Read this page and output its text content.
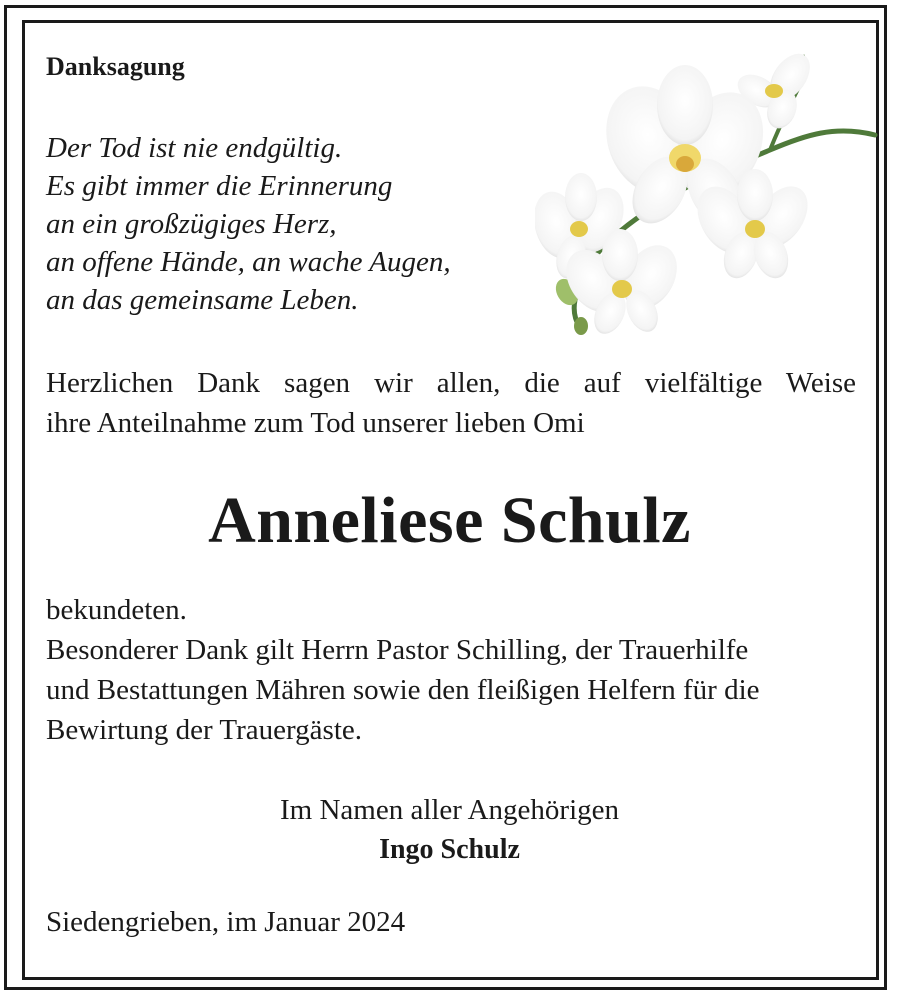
Danksagung
Der Tod ist nie endgültig.
Es gibt immer die Erinnerung
an ein großzügiges Herz,
an offene Hände, an wache Augen,
an das gemeinsame Leben.
Herzlichen Dank sagen wir allen, die auf vielfältige Weise
ihre Anteilnahme zum Tod unserer lieben Omi
Anneliese Schulz
bekundeten.
Besonderer Dank gilt Herrn Pastor Schilling, der Trauerhilfe
und Bestattungen Mähren sowie den fleißigen Helfern für die
Bewirtung der Trauergäste.
Im Namen aller Angehörigen
Ingo Schulz
Siedengrieben, im Januar 2024
